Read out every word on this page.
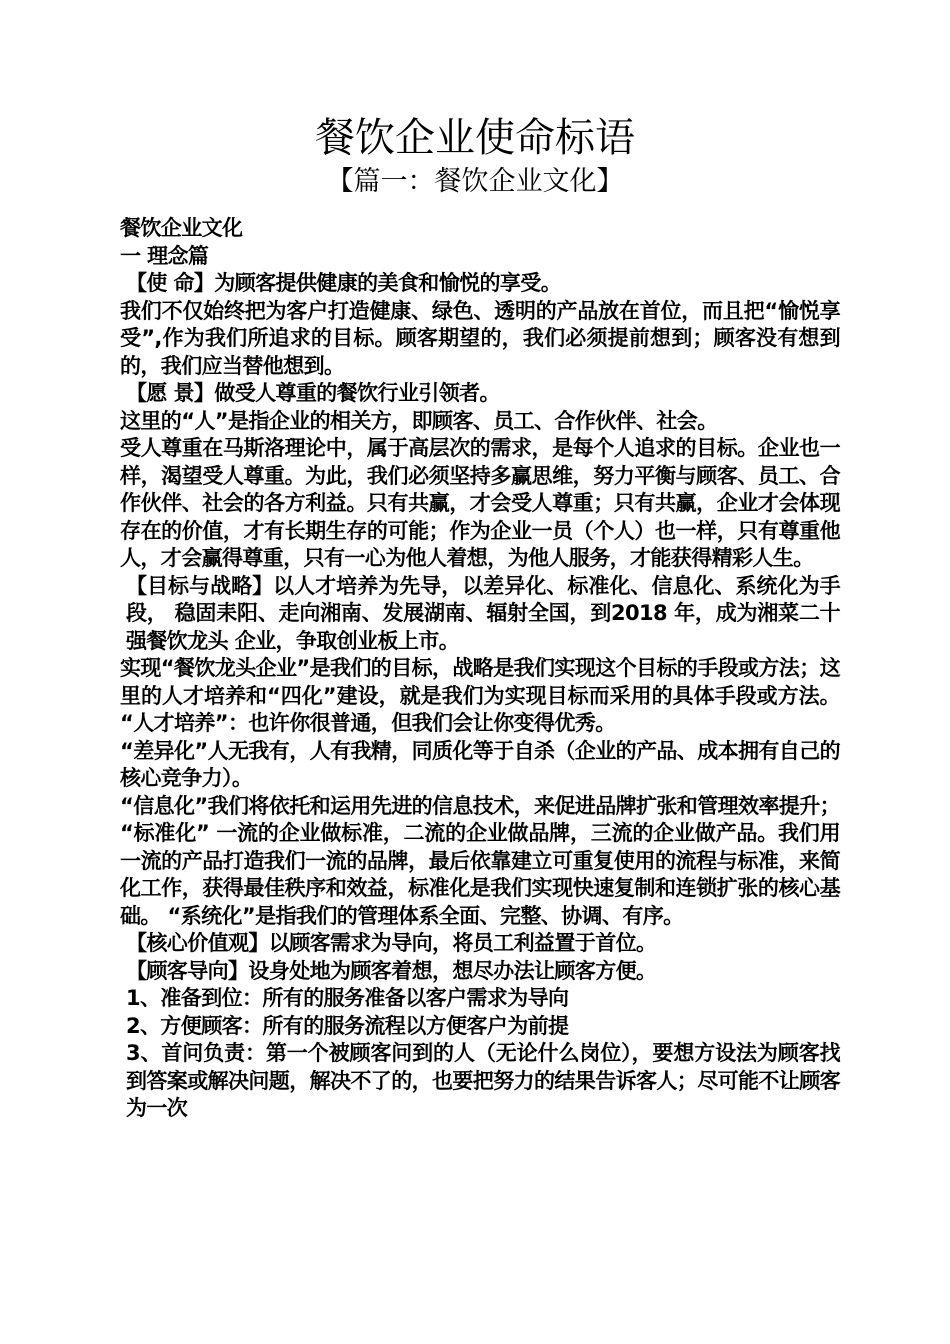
餐饮企业使命标语
【篇一：餐饮企业文化】

餐饮企业文化

一 理念篇

【使 命】为顾客提供健康的美食和愉悦的享受。

我们不仅始终把为客户打造健康、绿色、透明的产品放在首位，而且把“愉悦享受”,作为我们所追求的目标。顾客期望的，我们必须提前想到；顾客没有想到的，我们应当替他想到。

【愿 景】做受人尊重的餐饮行业引领者。

这里的“人”是指企业的相关方，即顾客、员工、合作伙伴、社会。

受人尊重在马斯洛理论中，属于高层次的需求，是每个人追求的目标。企业也一样，渴望受人尊重。为此，我们必须坚持多赢思维，努力平衡与顾客、员工、合作伙伴、社会的各方利益。只有共赢，才会受人尊重；只有共赢，企业才会体现存在的价值，才有长期生存的可能；作为企业一员（个人）也一样，只有尊重他人，才会赢得尊重，只有一心为他人着想，为他人服务，才能获得精彩人生。

【目标与战略】以人才培养为先导，以差异化、标准化、信息化、系统化为手段， 稳固耒阳、走向湘南、发展湖南、辐射全国，到2018 年，成为湘菜二十强餐饮龙头 企业，争取创业板上市。

实现“餐饮龙头企业”是我们的目标，战略是我们实现这个目标的手段或方法；这里的人才培养和“四化”建设，就是我们为实现目标而采用的具体手段或方法。 “人才培养”：也许你很普通，但我们会让你变得优秀。

“差异化”人无我有，人有我精，同质化等于自杀（企业的产品、成本拥有自己的核心竞争力）。

“信息化”我们将依托和运用先进的信息技术，来促进品牌扩张和管理效率提升； “标准化” 一流的企业做标准，二流的企业做品牌，三流的企业做产品。我们用一流的产品打造我们一流的品牌，最后依靠建立可重复使用的流程与标准，来简化工作，获得最佳秩序和效益，标准化是我们实现快速复制和连锁扩张的核心基础。 “系统化”是指我们的管理体系全面、完整、协调、有序。

【核心价值观】以顾客需求为导向，将员工利益置于首位。

【顾客导向】设身处地为顾客着想，想尽办法让顾客方便。

1、准备到位：所有的服务准备以客户需求为导向

2、方便顾客：所有的服务流程以方便客户为前提

3、首问负责：第一个被顾客问到的人（无论什么岗位），要想方设法为顾客找到答案或解决问题，解决不了的，也要把努力的结果告诉客人；尽可能不让顾客为一次
